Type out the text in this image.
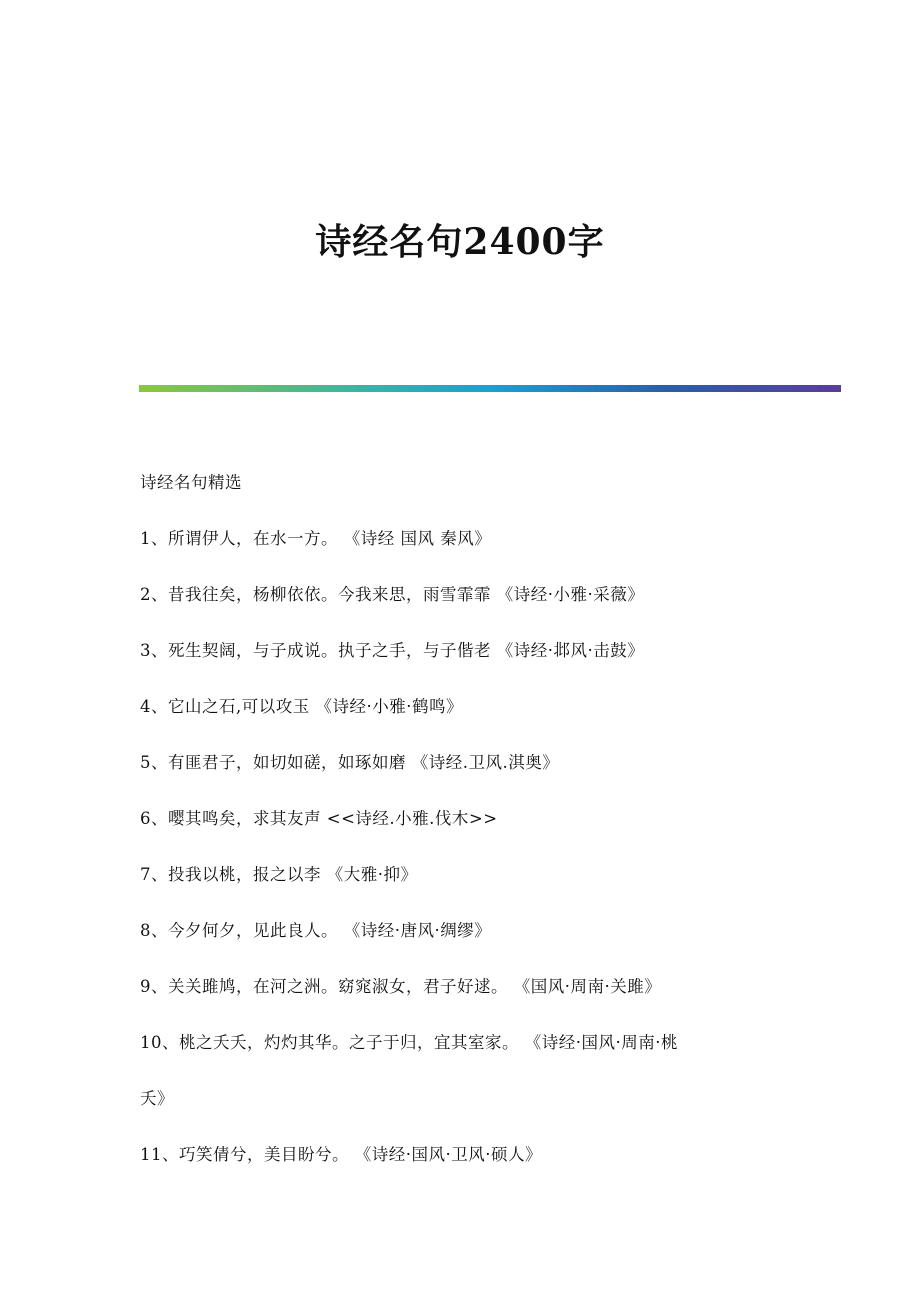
诗经名句2400字
诗经名句精选
1、所谓伊人，在水一方。 《诗经 国风 秦风》
2、昔我往矣，杨柳依依。今我来思，雨雪霏霏 《诗经·小雅·采薇》
3、死生契阔，与子成说。执子之手，与子偕老 《诗经·邶风·击鼓》
4、它山之石,可以攻玉 《诗经·小雅·鹤鸣》
5、有匪君子，如切如磋，如琢如磨 《诗经.卫风.淇奥》
6、嘤其鸣矣，求其友声 <<诗经.小雅.伐木>>
7、投我以桃，报之以李 《大雅·抑》
8、今夕何夕，见此良人。 《诗经·唐风·绸缪》
9、关关雎鸠，在河之洲。窈窕淑女，君子好逑。 《国风·周南·关雎》
10、桃之夭夭，灼灼其华。之子于归，宜其室家。 《诗经·国风·周南·桃
夭》
11、巧笑倩兮，美目盼兮。 《诗经·国风·卫风·硕人》
